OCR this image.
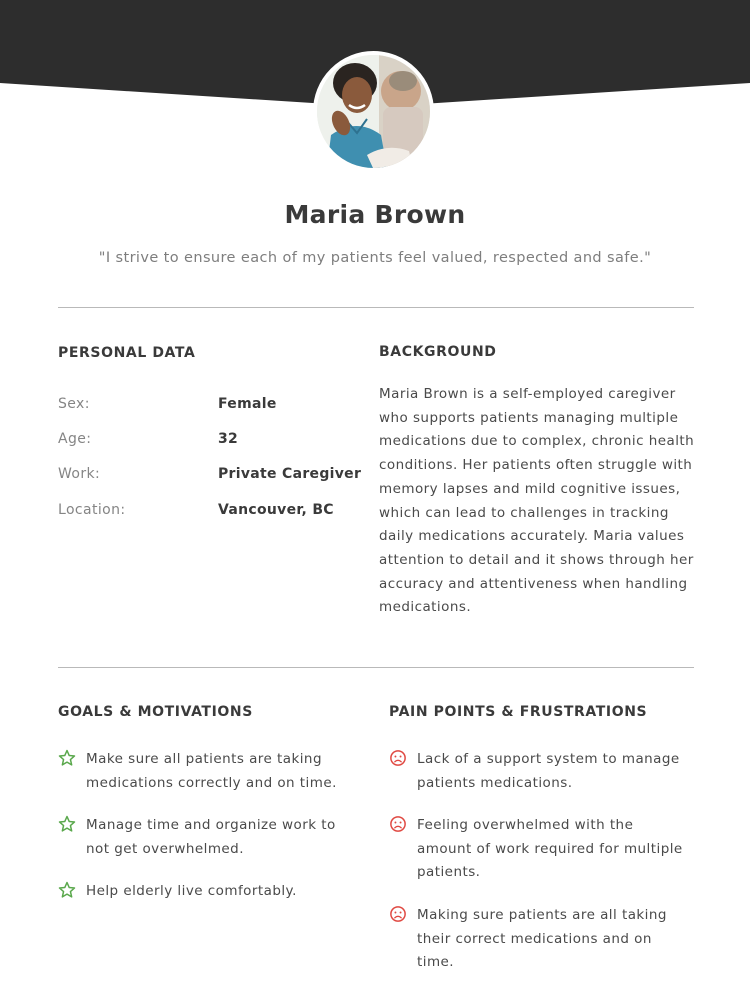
Maria Brown
"I strive to ensure each of my patients feel valued, respected and safe."
PERSONAL DATA
Sex:	Female
Age:	32
Work:	Private Caregiver
Location:	Vancouver, BC
BACKGROUND
Maria Brown is a self-employed caregiver who supports patients managing multiple medications due to complex, chronic health conditions. Her patients often struggle with memory lapses and mild cognitive issues, which can lead to challenges in tracking daily medications accurately. Maria values attention to detail and it shows through her accuracy and attentiveness when handling medications.
GOALS & MOTIVATIONS
Make sure all patients are taking medications correctly and on time.
Manage time and organize work to not get overwhelmed.
Help elderly live comfortably.
PAIN POINTS & FRUSTRATIONS
Lack of a support system to manage patients medications.
Feeling overwhelmed with the amount of work required for multiple patients.
Making sure patients are all taking their correct medications and on time.
